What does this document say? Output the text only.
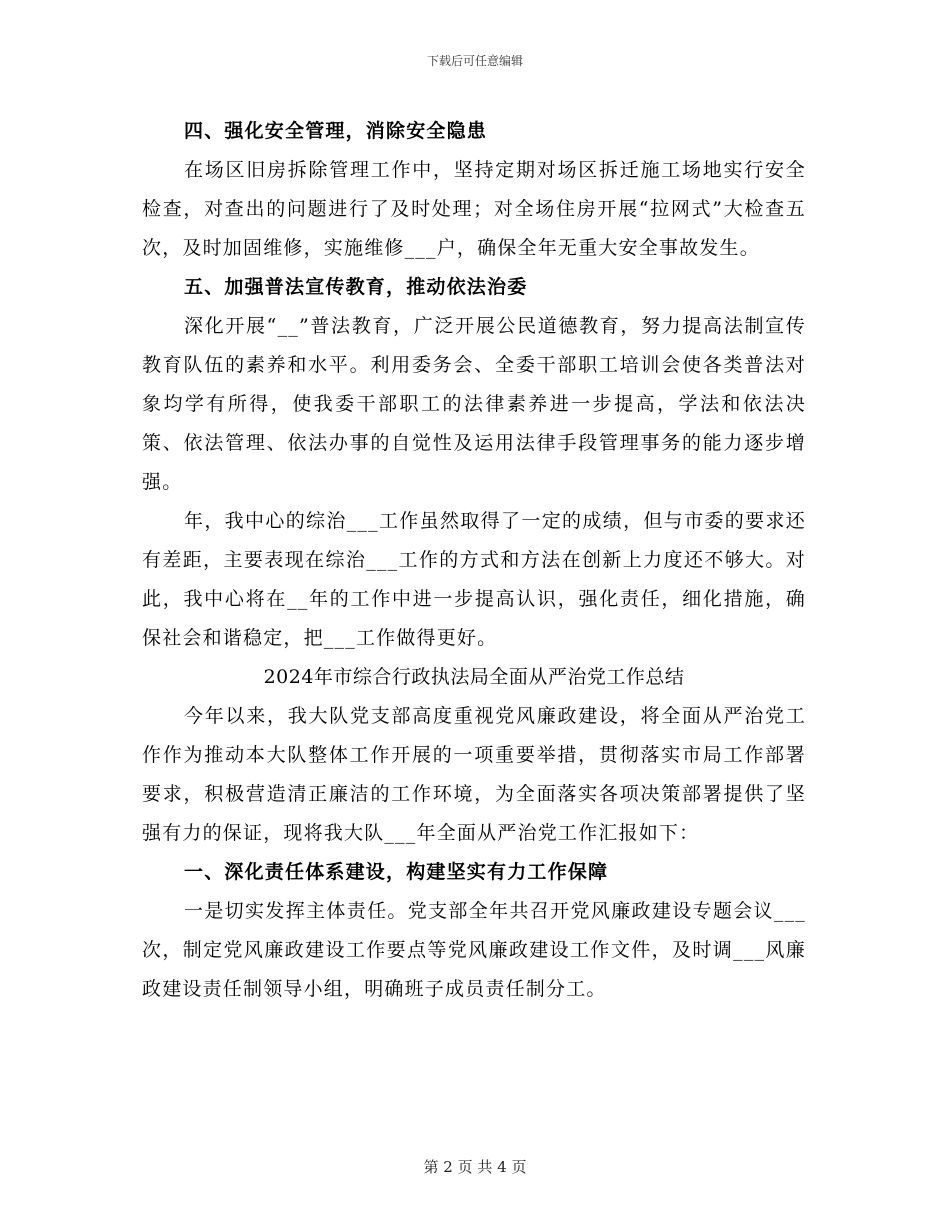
下载后可任意编辑

四、强化安全管理，消除安全隐患

在场区旧房拆除管理工作中，坚持定期对场区拆迁施工场地实行安全检查，对查出的问题进行了及时处理；对全场住房开展“拉网式”大检查五次，及时加固维修，实施维修___户，确保全年无重大安全事故发生。

五、加强普法宣传教育，推动依法治委

深化开展“__”普法教育，广泛开展公民道德教育，努力提高法制宣传教育队伍的素养和水平。利用委务会、全委干部职工培训会使各类普法对象均学有所得，使我委干部职工的法律素养进一步提高，学法和依法决策、依法管理、依法办事的自觉性及运用法律手段管理事务的能力逐步增强。

年，我中心的综治___工作虽然取得了一定的成绩，但与市委的要求还有差距，主要表现在综治___工作的方式和方法在创新上力度还不够大。对此，我中心将在__年的工作中进一步提高认识，强化责任，细化措施，确保社会和谐稳定，把___工作做得更好。

2024年市综合行政执法局全面从严治党工作总结

今年以来，我大队党支部高度重视党风廉政建设，将全面从严治党工作作为推动本大队整体工作开展的一项重要举措，贯彻落实市局工作部署要求，积极营造清正廉洁的工作环境，为全面落实各项决策部署提供了坚强有力的保证，现将我大队___年全面从严治党工作汇报如下：

一、深化责任体系建设，构建坚实有力工作保障

一是切实发挥主体责任。党支部全年共召开党风廉政建设专题会议___次，制定党风廉政建设工作要点等党风廉政建设工作文件，及时调___风廉政建设责任制领导小组，明确班子成员责任制分工。

第 2 页 共 4 页
